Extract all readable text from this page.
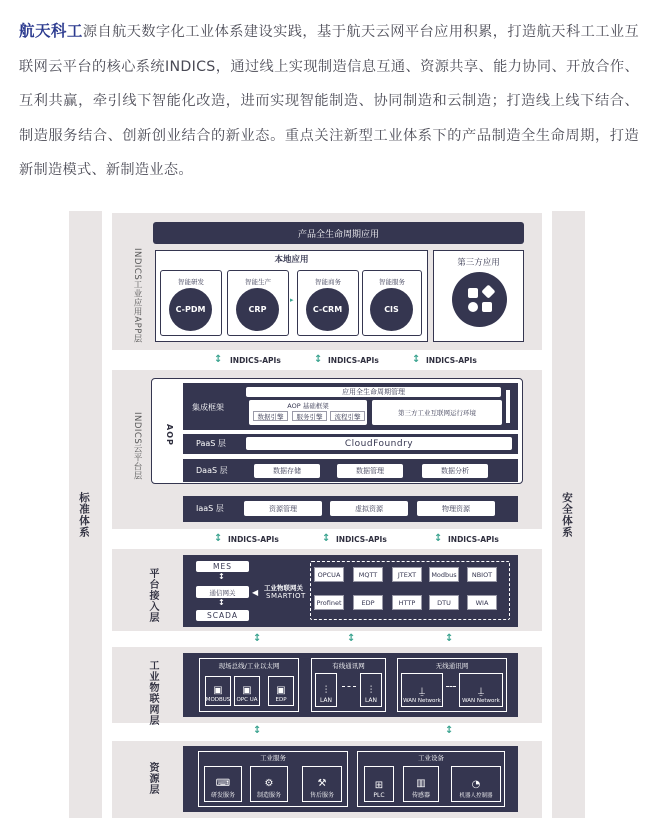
航天科工源自航天数字化工业体系建设实践，基于航天云网平台应用积累，打造航天科工工业互联网云平台的核心系统INDICS，通过线上实现制造信息互通、资源共享、能力协同、开放合作、互利共赢，牵引线下智能化改造，进而实现智能制造、协同制造和云制造；打造线上线下结合、制造服务结合、创新创业结合的新业态。重点关注新型工业体系下的产品制造全生命周期，打造新制造模式、新制造业态。
标准体系	安全体系
INDICS工业应用APP层
产品全生命周期应用
本地应用
智能研发
C-PDM
智能生产
CRP
▸
智能商务
C-CRM
智能服务
CIS
第三方应用
↕ INDICS-APIs	↕ INDICS-APIs	↕ INDICS-APIs
INDICS云平台层	AOP
集成框架
应用全生命周期管理
AOP 基础框架
数据引擎	服务引擎	流程引擎	第三方工业互联网运行环境
PaaS 层	CloudFoundry
DaaS 层	数据存储	数据管理	数据分析
IaaS 层	资源管理	虚拟资源	物理资源
↕ INDICS-APIs	↕ INDICS-APIs	↕ INDICS-APIs
平台接入层
MES
↕
通信网关
↕
SCADA
◀ 工业物联网关
SMARTIOT
OPCUA	MQTT	JTEXT	Modbus	NBIOT
Profinet	EDP	HTTP	DTU	WIA
↕	↕	↕
工业物联网层	现场总线/工业以太网
▣
MODBUS
▣
OPC UA
▣
EDP
有线通讯网
⫶
LAN
⫶
LAN
无线通讯网
⍊
WAN Network
⍊
WAN Network
↕	↕
资源层
工业服务
⌨
研发服务
⚙
制造服务
⚒
售后服务
工业设备
⊞
PLC
▥
传感器
◔
机器人控制器
